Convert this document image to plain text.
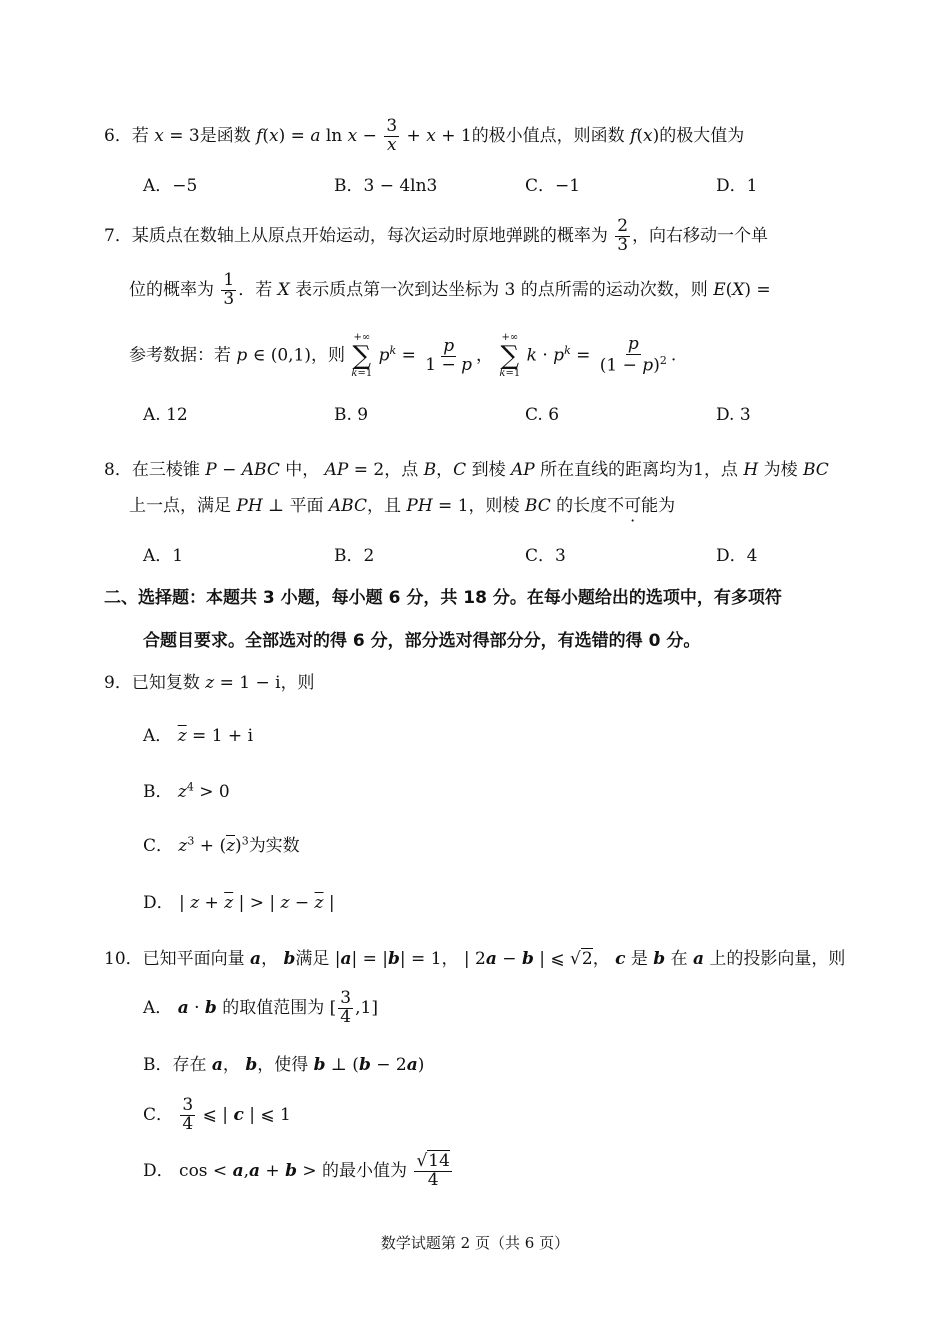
6．若 x = 3是函数 f(x) = a $\ln x - \frac{3}{x} + x + 1$的极小值点，则函数 f(x)的极大值为
A．−5	B．3 − 4ln3	C．−1	D．1
7．某质点在数轴上从原点开始运动，每次运动时原地弹跳的概率为 $\frac{2}{3}$ ，向右移动一个单
位的概率为 $\frac{1}{3}$ ．若 X 表示质点第一次到达坐标为 3 的点所需的运动次数，则 E(X) =
参考数据：若 p ∈ (0,1)，则
+∞
∑
k=1
$p^k = \frac{p}{1 - p}$ ，
+∞
∑
k=1
$k \cdot p^k = \frac{p}{(1 - p)^2}$ .
A. 12	B. 9	C. 6	D. 3
8．在三棱锥 P − ABC 中， AP = 2，点 B，C 到棱 AP 所在直线的距离均为1，点 H 为棱 BC
上一点，满足 PH ⊥ 平面 ABC，且 PH = 1，则棱 BC 的长度不可能为
A．1	B．2	C．3	D．4
二、选择题：本题共 3 小题，每小题 6 分，共 18 分。在每小题给出的选项中，有多项符
合题目要求。全部选对的得 6 分，部分选对得部分分，有选错的得 0 分。
9．已知复数 z = 1 − i，则
A． $\overline{z} = 1 + i$
B． $z^4 > 0$
C． $z^3 + (\overline{z})^3$为实数
D． | $z + \overline{z}$ | > | $z - \overline{z}$ |
10．已知平面向量 a， b满足 |a| = |b| = 1， | 2a − b | ⩽ √2， c 是 b 在 a 上的投影向量，则
A． a · b 的取值范围为 [ $\frac{3}{4} ,1$]
B．存在 a， b，使得 b ⊥ (b − 2a)
C． $\frac{3}{4}$ ⩽ | c | ⩽ 1
D． cos < a,a + b > 的最小值为 $\frac{√14}{4}$
数学试题第 2 页（共 6 页）
